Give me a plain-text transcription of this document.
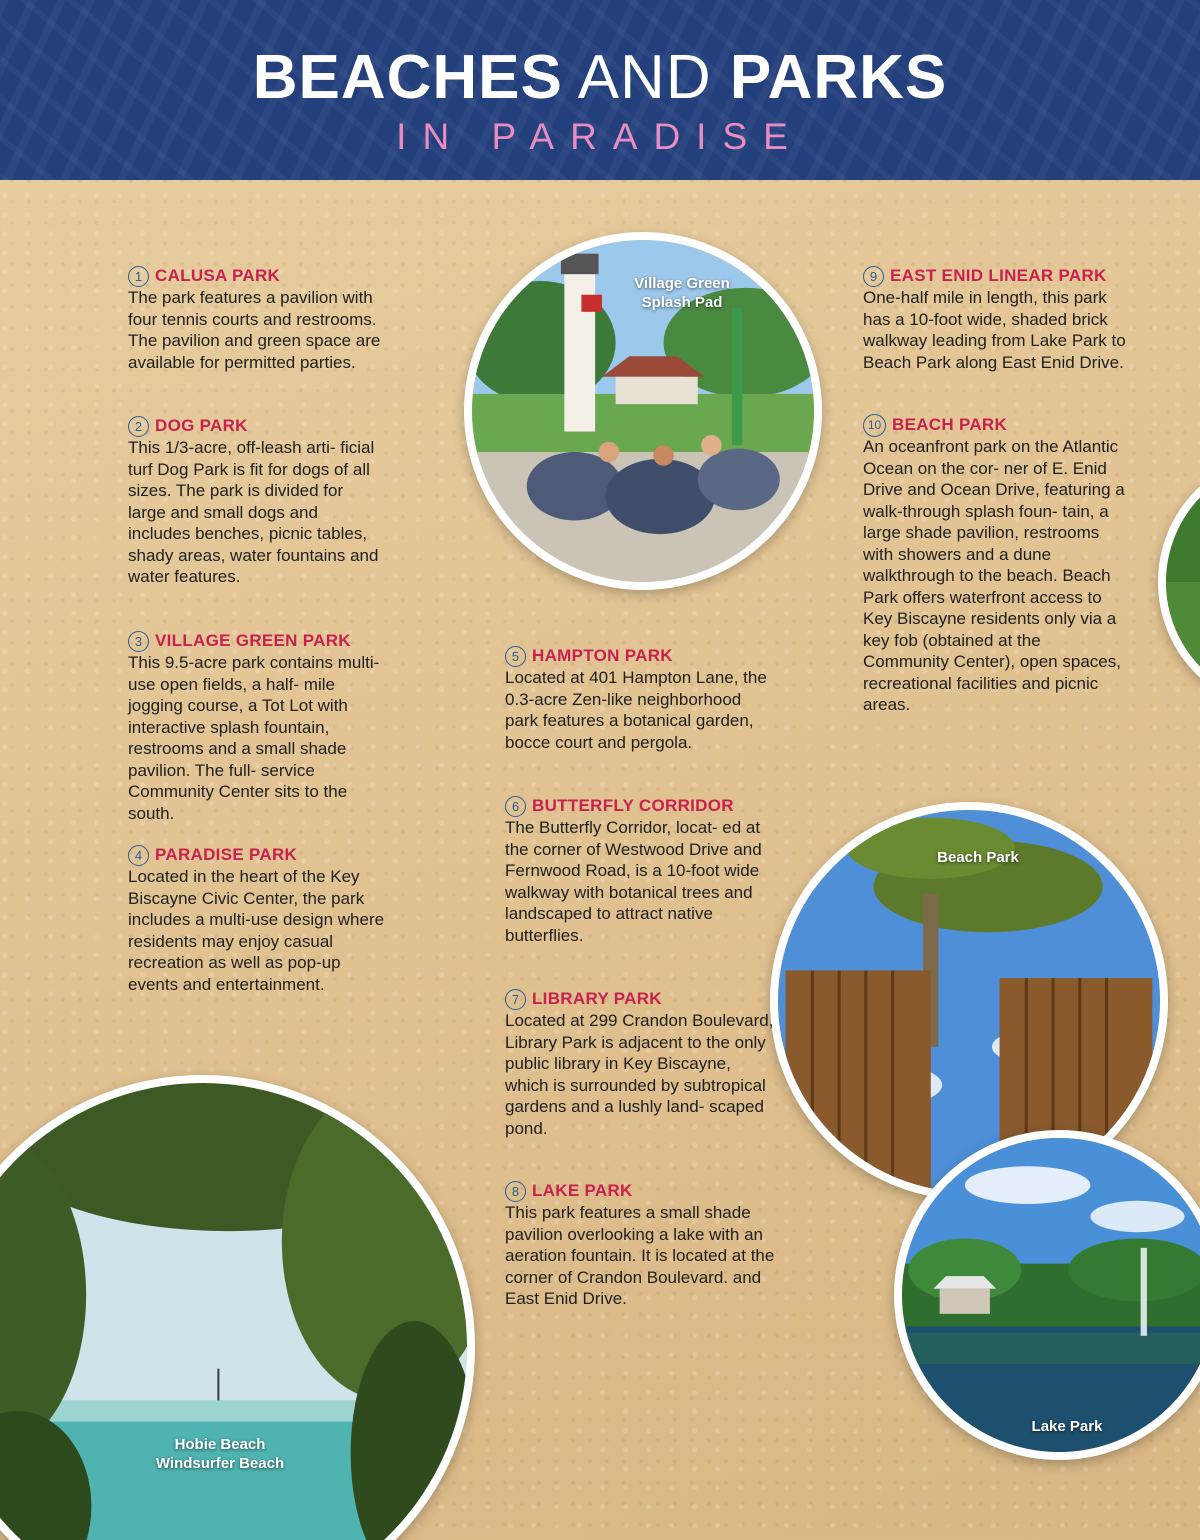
BEACHES AND PARKS
IN PARADISE
Village Green
Splash Pad
Beach Park
Lake Park
Hobie Beach
Windsurfer Beach
1 CALUSA PARK
The park features a pavilion with four tennis courts and restrooms. The pavilion and green space are available for permitted parties.
2 DOG PARK
This 1/3-acre, off-leash arti- ficial turf Dog Park is fit for dogs of all sizes. The park is divided for large and small dogs and includes benches, picnic tables, shady areas, water fountains and water features.
3 VILLAGE GREEN PARK
This 9.5-acre park contains multi-use open fields, a half- mile jogging course, a Tot Lot with interactive splash fountain, restrooms and a small shade pavilion. The full- service Community Center sits to the south.
4 PARADISE PARK
Located in the heart of the Key Biscayne Civic Center, the park includes a multi-use design where residents may enjoy casual recreation as well as pop-up events and entertainment.
5 HAMPTON PARK
Located at 401 Hampton Lane, the 0.3-acre Zen-like neighborhood park features a botanical garden, bocce court and pergola.
6 BUTTERFLY CORRIDOR
The Butterfly Corridor, locat- ed at the corner of Westwood Drive and Fernwood Road, is a 10-foot wide walkway with botanical trees and landscaped to attract native butterflies.
7 LIBRARY PARK
Located at 299 Crandon Boulevard, Library Park is adjacent to the only public library in Key Biscayne, which is surrounded by subtropical gardens and a lushly land- scaped pond.
8 LAKE PARK
This park features a small shade pavilion overlooking a lake with an aeration fountain. It is located at the corner of Crandon Boulevard. and East Enid Drive.
9 EAST ENID LINEAR PARK
One-half mile in length, this park has a 10-foot wide, shaded brick walkway leading from Lake Park to Beach Park along East Enid Drive.
10 BEACH PARK
An oceanfront park on the Atlantic Ocean on the cor- ner of E. Enid Drive and Ocean Drive, featuring a walk-through splash foun- tain, a large shade pavilion, restrooms with showers and a dune walkthrough to the beach. Beach Park offers waterfront access to Key Biscayne residents only via a key fob (obtained at the Community Center), open spaces, recreational facilities and picnic areas.
